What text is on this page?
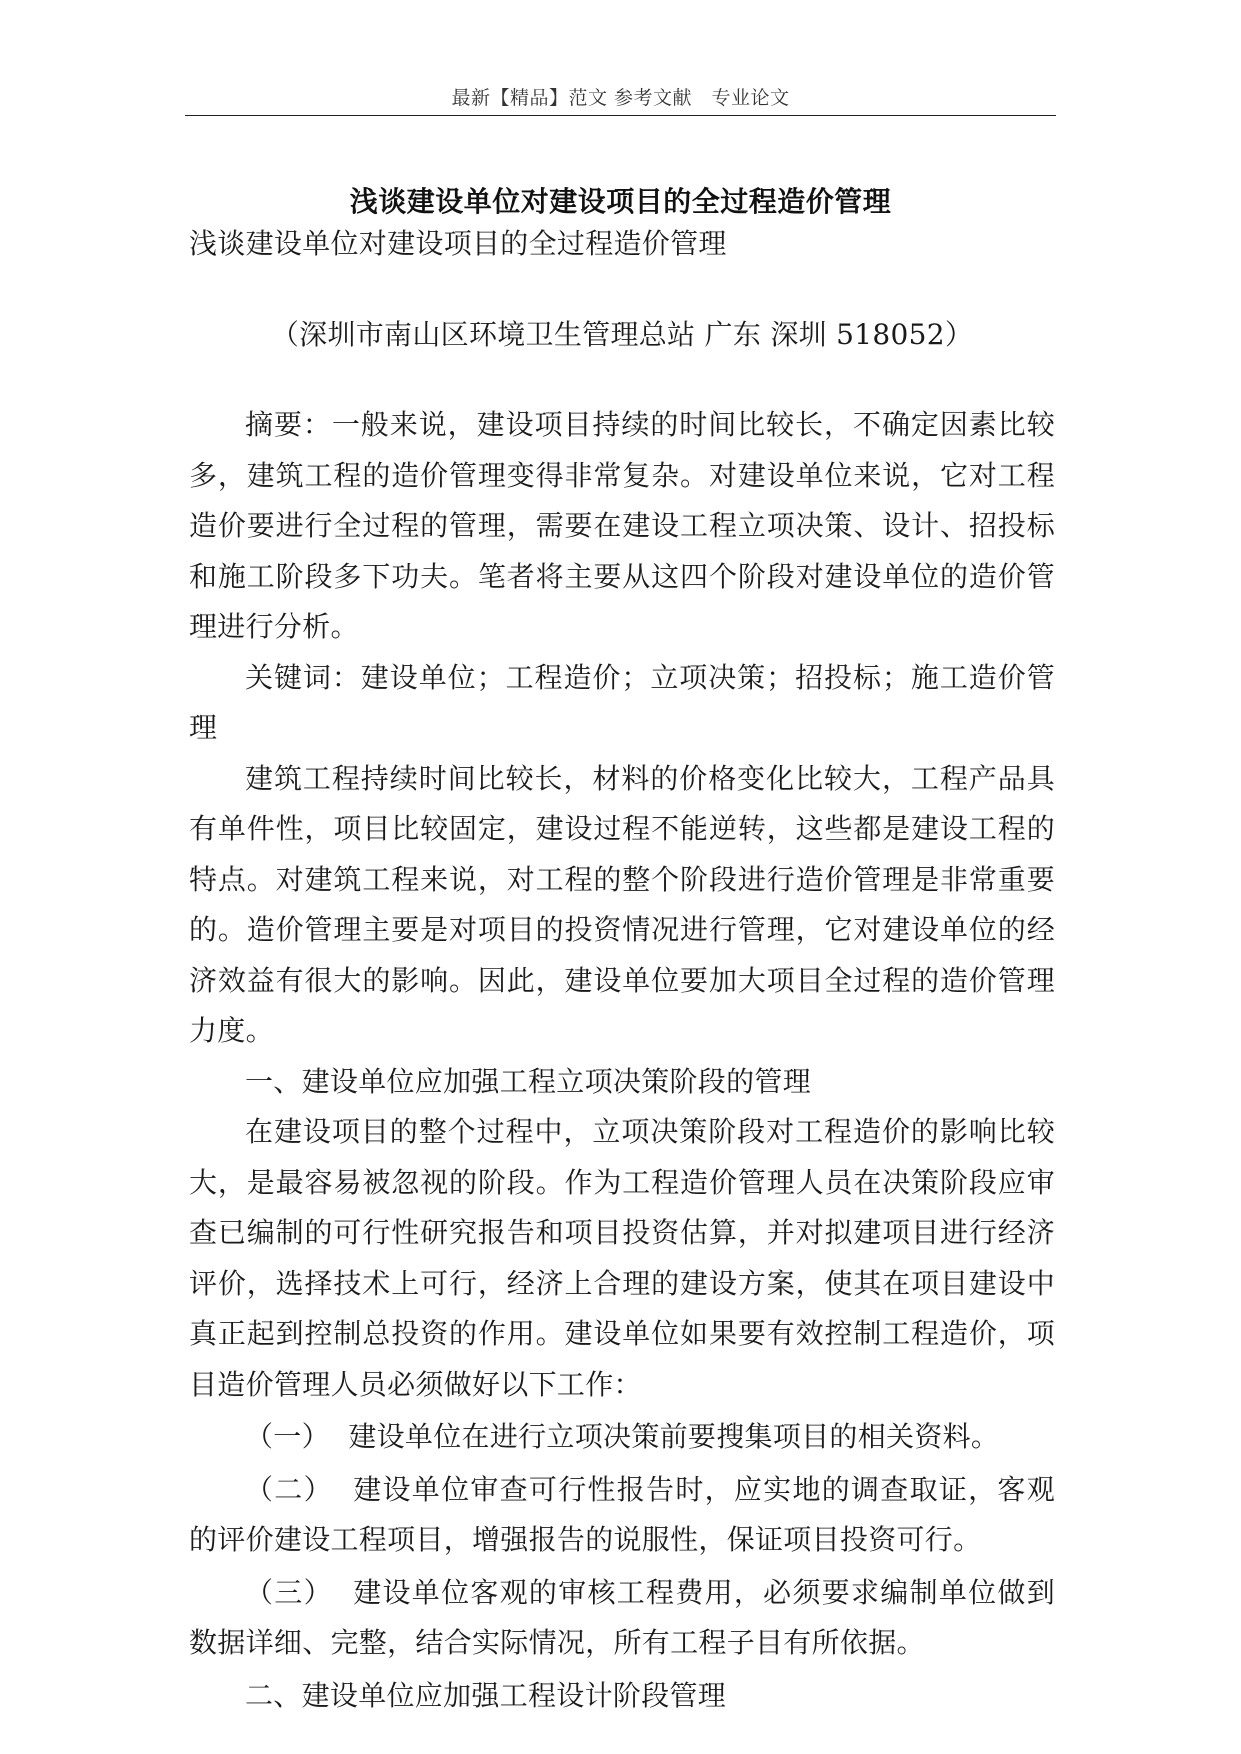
最新【精品】范文 参考文献　专业论文
浅谈建设单位对建设项目的全过程造价管理

浅谈建设单位对建设项目的全过程造价管理

（深圳市南山区环境卫生管理总站 广东 深圳 518052）

摘要：一般来说，建设项目持续的时间比较长，不确定因素比较多，建筑工程的造价管理变得非常复杂。对建设单位来说，它对工程造价要进行全过程的管理，需要在建设工程立项决策、设计、招投标和施工阶段多下功夫。笔者将主要从这四个阶段对建设单位的造价管理进行分析。

关键词：建设单位；工程造价；立项决策；招投标；施工造价管理

建筑工程持续时间比较长，材料的价格变化比较大，工程产品具有单件性，项目比较固定，建设过程不能逆转，这些都是建设工程的特点。对建筑工程来说，对工程的整个阶段进行造价管理是非常重要的。造价管理主要是对项目的投资情况进行管理，它对建设单位的经济效益有很大的影响。因此，建设单位要加大项目全过程的造价管理力度。

一、建设单位应加强工程立项决策阶段的管理

在建设项目的整个过程中，立项决策阶段对工程造价的影响比较大，是最容易被忽视的阶段。作为工程造价管理人员在决策阶段应审查已编制的可行性研究报告和项目投资估算，并对拟建项目进行经济评价，选择技术上可行，经济上合理的建设方案，使其在项目建设中真正起到控制总投资的作用。建设单位如果要有效控制工程造价，项目造价管理人员必须做好以下工作：

（一） 建设单位在进行立项决策前要搜集项目的相关资料。

（二） 建设单位审查可行性报告时，应实地的调查取证，客观的评价建设工程项目，增强报告的说服性，保证项目投资可行。

（三） 建设单位客观的审核工程费用，必须要求编制单位做到数据详细、完整，结合实际情况，所有工程子目有所依据。

二、建设单位应加强工程设计阶段管理
